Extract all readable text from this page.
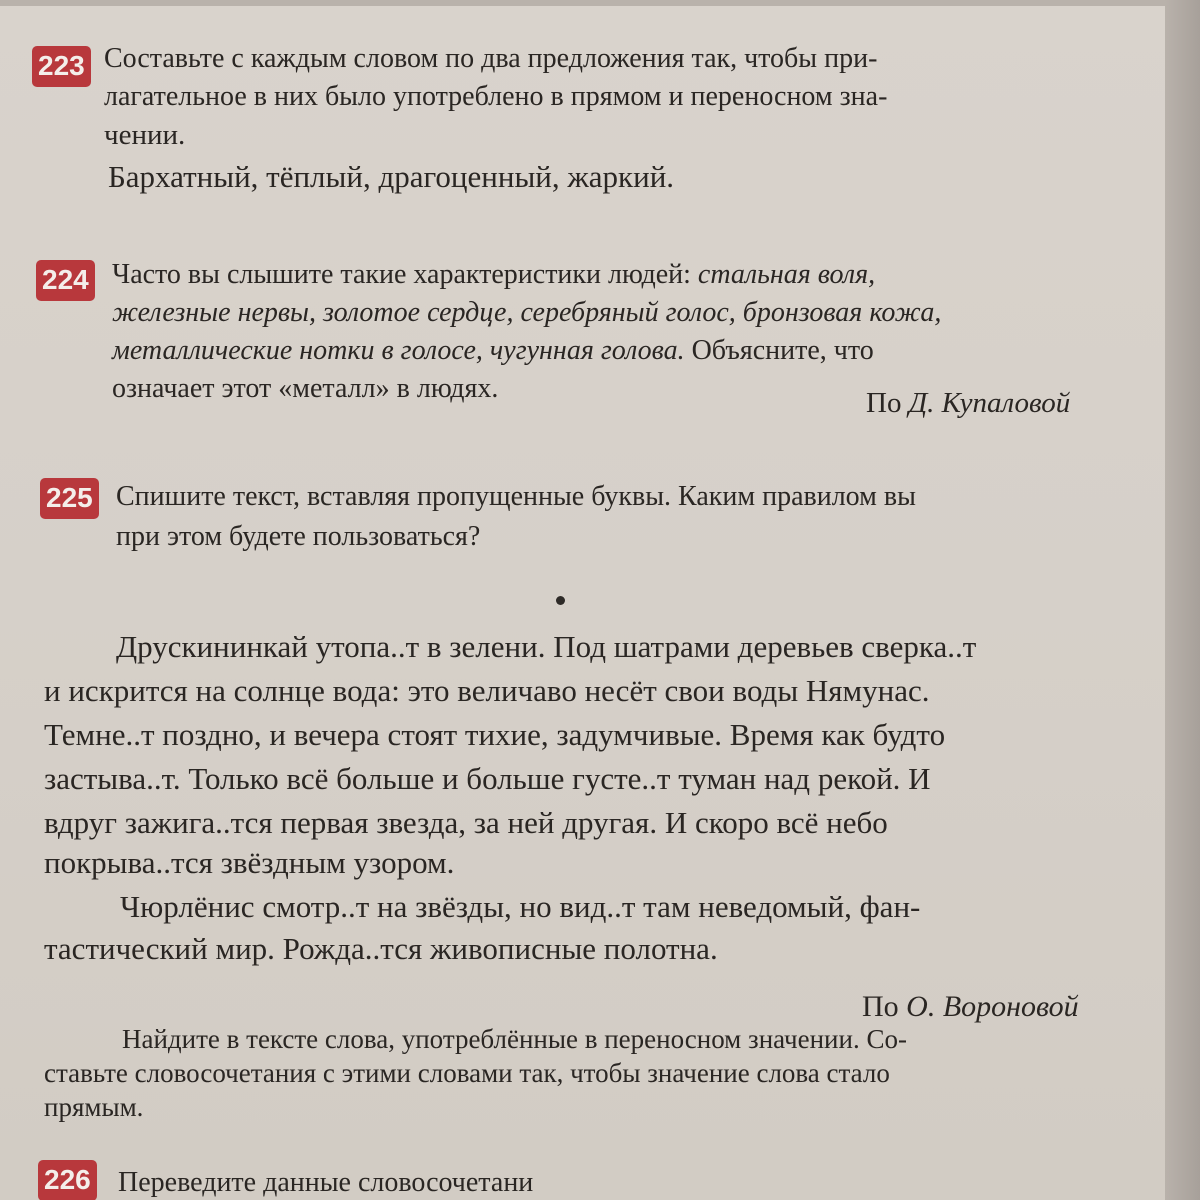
223 Составьте с каждым словом по два предложения так, чтобы при-
лагательное в них было употреблено в прямом и переносном зна-
чении.
Бархатный, тёплый, драгоценный, жаркий.
224 Часто вы слышите такие характеристики людей: стальная воля,
железные нервы, золотое сердце, серебряный голос, бронзовая кожа,
металлические нотки в голосе, чугунная голова. Объясните, что
означает этот «металл» в людях.	По Д. Купаловой
225 Спишите текст, вставляя пропущенные буквы. Каким правилом вы
при этом будете пользоваться?
Друскининкай утопа..т в зелени. Под шатрами деревьев сверка..т
и искрится на солнце вода: это величаво несёт свои воды Нямунас.
Темне..т поздно, и вечера стоят тихие, задумчивые. Время как будто
застыва..т. Только всё больше и больше густе..т туман над рекой. И
вдруг зажига..тся первая звезда, за ней другая. И скоро всё небо
покрыва..тся звёздным узором.
Чюрлёнис смотр..т на звёзды, но вид..т там неведомый, фан-
тастический мир. Рожда..тся живописные полотна.
По О. Вороновой
Найдите в тексте слова, употреблённые в переносном значении. Со-
ставьте словосочетания с этими словами так, чтобы значение слова стало
прямым.
226 Переведите данные словосочетани
